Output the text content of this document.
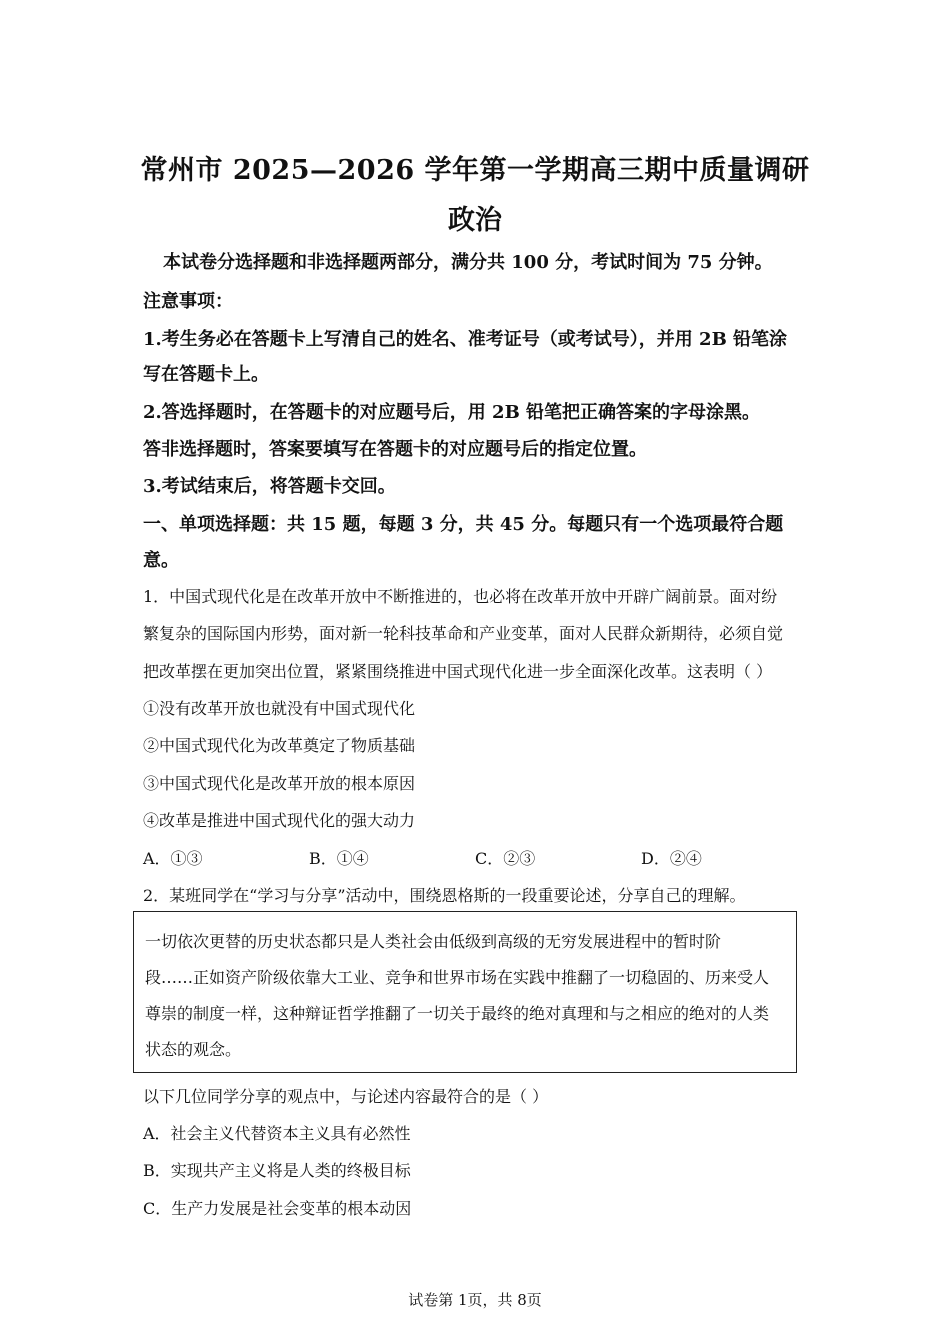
常州市 2025—2026 学年第一学期高三期中质量调研
政治
本试卷分选择题和非选择题两部分，满分共 100 分，考试时间为 75 分钟。
注意事项：
1.考生务必在答题卡上写清自己的姓名、准考证号（或考试号），并用 2B 铅笔涂
写在答题卡上。
2.答选择题时，在答题卡的对应题号后，用 2B 铅笔把正确答案的字母涂黑。
答非选择题时，答案要填写在答题卡的对应题号后的指定位置。
3.考试结束后，将答题卡交回。
一、单项选择题：共 15 题，每题 3 分，共 45 分。每题只有一个选项最符合题
意。
1．中国式现代化是在改革开放中不断推进的，也必将在改革开放中开辟广阔前景。面对纷
繁复杂的国际国内形势，面对新一轮科技革命和产业变革，面对人民群众新期待，必须自觉
把改革摆在更加突出位置，紧紧围绕推进中国式现代化进一步全面深化改革。这表明（ ）
①没有改革开放也就没有中国式现代化
②中国式现代化为改革奠定了物质基础
③中国式现代化是改革开放的根本原因
④改革是推进中国式现代化的强大动力
A．①③	B．①④	C．②③	D．②④
2．某班同学在“学习与分享”活动中，围绕恩格斯的一段重要论述，分享自己的理解。
一切依次更替的历史状态都只是人类社会由低级到高级的无穷发展进程中的暂时阶
段……正如资产阶级依靠大工业、竞争和世界市场在实践中推翻了一切稳固的、历来受人
尊崇的制度一样，这种辩证哲学推翻了一切关于最终的绝对真理和与之相应的绝对的人类
状态的观念。
以下几位同学分享的观点中，与论述内容最符合的是（ ）
A．社会主义代替资本主义具有必然性
B．实现共产主义将是人类的终极目标
C．生产力发展是社会变革的根本动因
试卷第 1页，共 8页
